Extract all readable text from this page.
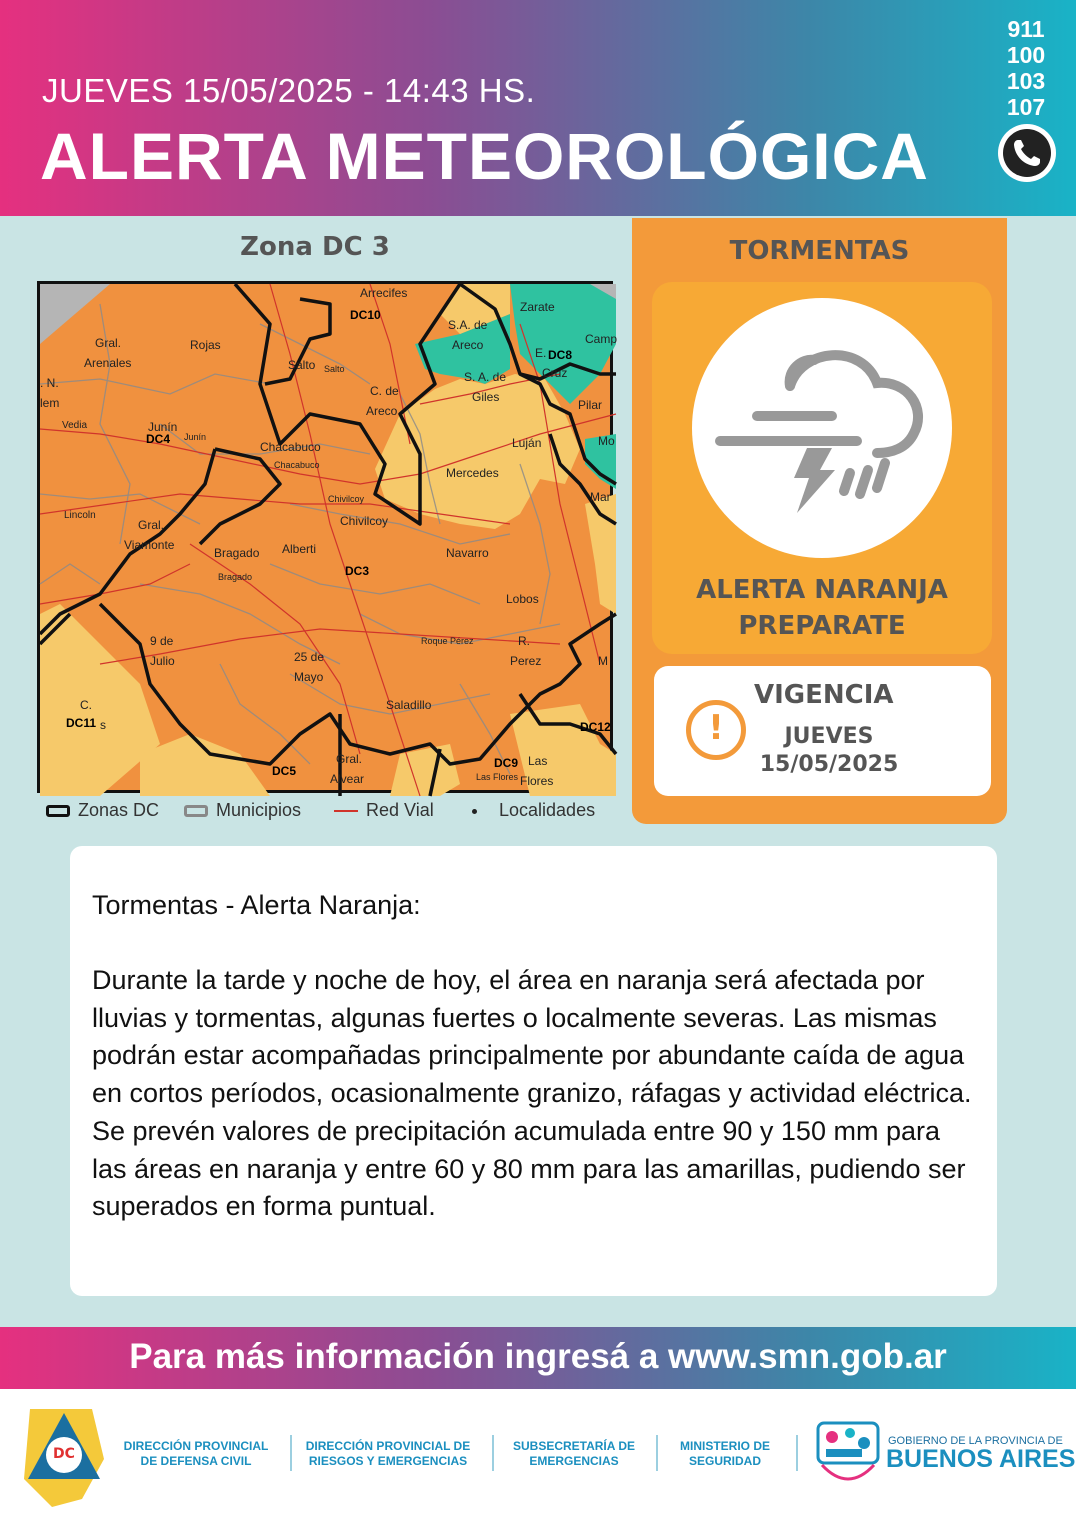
JUEVES 15/05/2025 - 14:43 HS.
ALERTA METEOROLÓGICA
911
100
103
107
Zona DC 3
Arrecifes
DC10
S.A. de
Areco
Zarate
Camp
E. DC8
Cruz
Gral.
Arenales
Rojas
Salto Salto
. N.
lem
C. de
Areco
S. A. de
Giles
Pilar
Vedia	Junín
DC4 Junín
Chacabuco
Chacabuco
Luján	Mo
Mercedes
Mar
Lincoln
Chivilcoy
Chivilcoy
Gral.
Viamonte
Bragado
Bragado
Alberti	Navarro
DC3
Lobos
9 de
Julio
Roque Pérez	R.
Perez	M
25 de
Mayo
Saladillo
C.
DC11 s	DC12
Gral.
Alvear
DC5
DC9 Las
Flores
Las Flores
Zonas DC	Municipios	Red Vial	Localidades
TORMENTAS
ALERTA NARANJA
PREPARATE
!
VIGENCIA
JUEVES
15/05/2025
Tormentas - Alerta Naranja:

Durante la tarde y noche de hoy, el área en naranja será afectada por lluvias y tormentas, algunas fuertes o localmente severas. Las mismas podrán estar acompañadas principalmente por abundante caída de agua en cortos períodos, ocasionalmente granizo, ráfagas y actividad eléctrica.

Se prevén valores de precipitación acumulada entre 90 y 150 mm para las áreas en naranja y entre 60 y 80 mm para las amarillas, pudiendo ser superados en forma puntual.

Para más información ingresá a www.smn.gob.ar
DC	DIRECCIÓN PROVINCIAL
DE DEFENSA CIVIL
DIRECCIÓN PROVINCIAL DE
RIESGOS Y EMERGENCIAS
SUBSECRETARÍA DE
EMERGENCIAS
MINISTERIO DE
SEGURIDAD
GOBIERNO DE LA PROVINCIA DE
BUENOS AIRES
